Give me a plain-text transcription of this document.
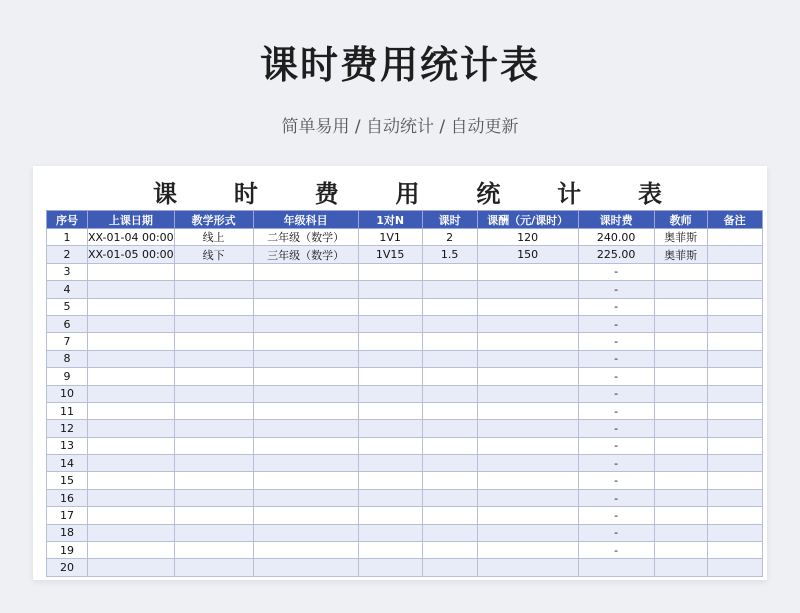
课时费用统计表
简单易用 / 自动统计 / 自动更新
课 时 费 用 统 计 表
序号	上课日期	教学形式	年级科目	1对N	课时	课酬（元/课时）	课时费	教师	备注
1	XX-01-04 00:00	线上	二年级（数学）	1V1	2	120	240.00	奥菲斯	
2	XX-01-05 00:00	线下	三年级（数学）	1V15	1.5	150	225.00	奥菲斯	
3							-		
4							-		
5							-		
6							-		
7							-		
8							-		
9							-		
10							-		
11							-		
12							-		
13							-		
14							-		
15							-		
16							-		
17							-		
18							-		
19							-		
20									
